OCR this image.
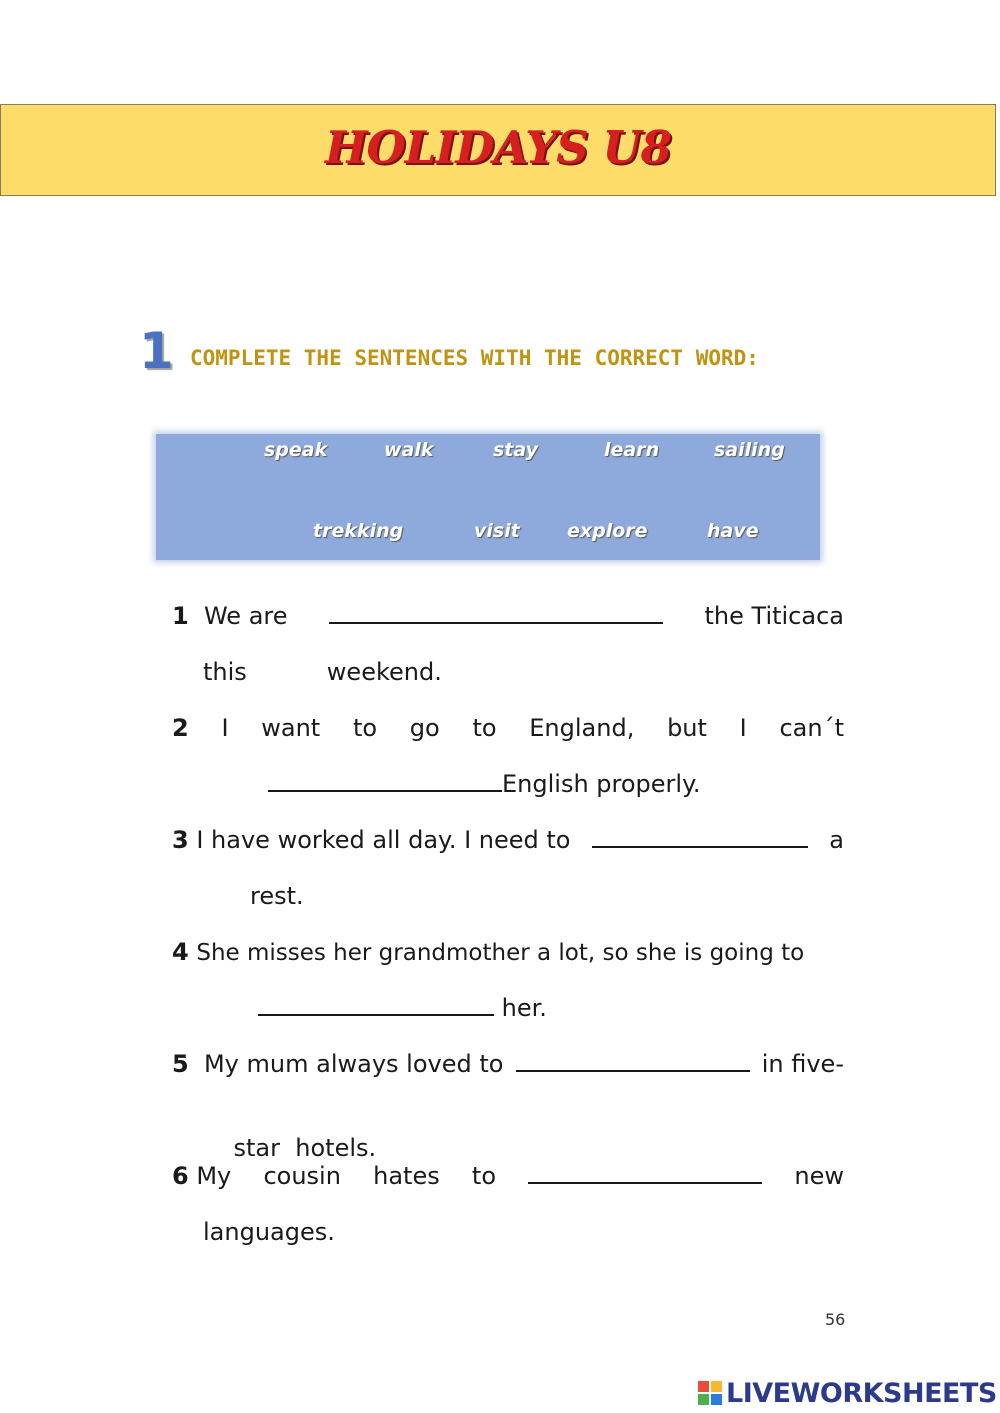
HOLIDAYS U8
1 COMPLETE THE SENTENCES WITH THE CORRECT WORD:
speak	walk	stay	learn	sailing
trekking	visit explore	have
1 We are	the Titicaca
this	weekend.
2 I want to go to England, but I can´t
English properly.
3 I have worked all day. I need to	a
rest.
4 She misses her grandmother a lot, so she is going to
her.
5 My mum always loved to	in five-

star  hotels.

6 My cousin hates to	new
languages.
56
LIVEWORKSHEETS
